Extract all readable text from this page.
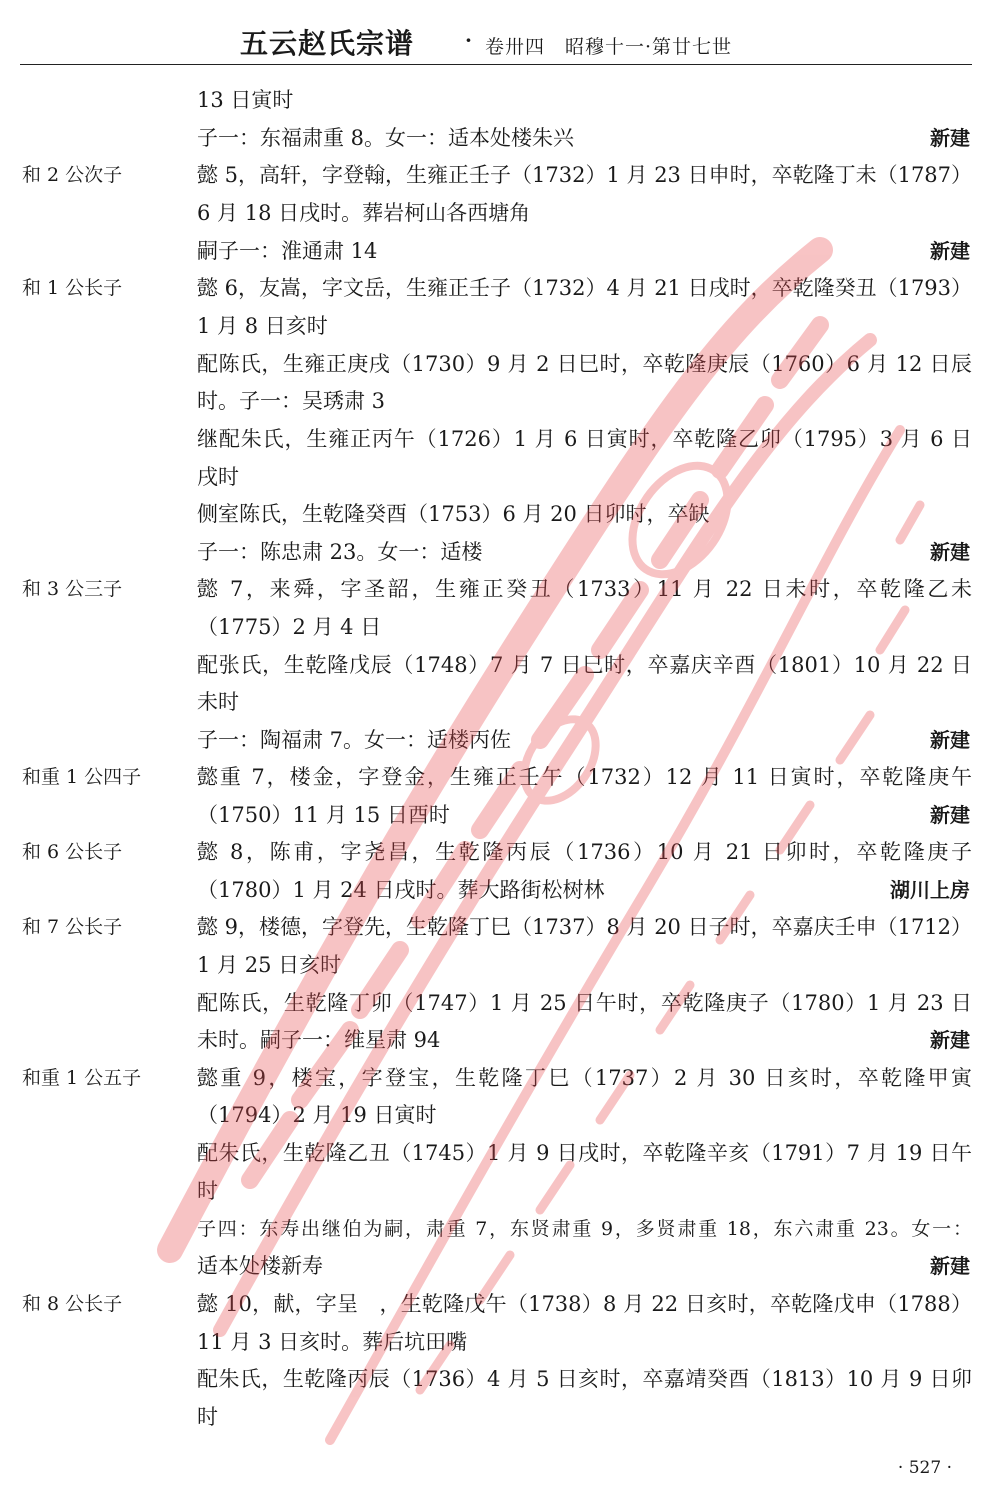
五云赵氏宗谱	· 卷卅四　昭穆十一·第廿七世
和 2 公次子
和 1 公长子
和 3 公三子
和重 1 公四子
和 6 公长子
和 7 公长子
和重 1 公五子
和 8 公长子
13 日寅时
子一：东福肃重 8。女一：适本处楼朱兴
懿 5，高轩，字登翰，生雍正壬子（1732）1 月 23 日申时，卒乾隆丁未（1787）
6 月 18 日戌时。葬岩柯山各西塘角
嗣子一：淮通肃 14
懿 6，友嵩，字文岳，生雍正壬子（1732）4 月 21 日戌时，卒乾隆癸丑（1793）
1 月 8 日亥时
配陈氏，生雍正庚戌（1730）9 月 2 日巳时，卒乾隆庚辰（1760）6 月 12 日辰
时。子一：吴琇肃 3
继配朱氏，生雍正丙午（1726）1 月 6 日寅时，卒乾隆乙卯（1795）3 月 6 日
戌时
侧室陈氏，生乾隆癸酉（1753）6 月 20 日卯时，卒缺
子一：陈忠肃 23。女一：适楼
懿 7，来舜，字圣韶，生雍正癸丑（1733）11 月 22 日未时，卒乾隆乙未
（1775）2 月 4 日
配张氏，生乾隆戊辰（1748）7 月 7 日巳时，卒嘉庆辛酉（1801）10 月 22 日
未时
子一：陶福肃 7。女一：适楼丙佐
懿重 7，楼金，字登金，生雍正壬午（1732）12 月 11 日寅时，卒乾隆庚午
（1750）11 月 15 日酉时
懿 8，陈甫，字尧昌，生乾隆丙辰（1736）10 月 21 日卯时，卒乾隆庚子
（1780）1 月 24 日戌时。葬大路街松树林
懿 9，楼德，字登先，生乾隆丁巳（1737）8 月 20 日子时，卒嘉庆壬申（1712）
1 月 25 日亥时
配陈氏，生乾隆丁卯（1747）1 月 25 日午时，卒乾隆庚子（1780）1 月 23 日
未时。嗣子一：维星肃 94
懿重 9，楼宝，字登宝，生乾隆丁巳（1737）2 月 30 日亥时，卒乾隆甲寅
（1794）2 月 19 日寅时
配朱氏，生乾隆乙丑（1745）1 月 9 日戌时，卒乾隆辛亥（1791）7 月 19 日午
时
子四：东寿出继伯为嗣，肃重 7，东贤肃重 9，多贤肃重 18，东六肃重 23。女一：
适本处楼新寿
懿 10，献，字呈　，生乾隆戊午（1738）8 月 22 日亥时，卒乾隆戊申（1788）
11 月 3 日亥时。葬后坑田嘴
配朱氏，生乾隆丙辰（1736）4 月 5 日亥时，卒嘉靖癸酉（1813）10 月 9 日卯
时
新建
新建
新建
新建
新建
湖川上房
新建
新建
· 527 ·
